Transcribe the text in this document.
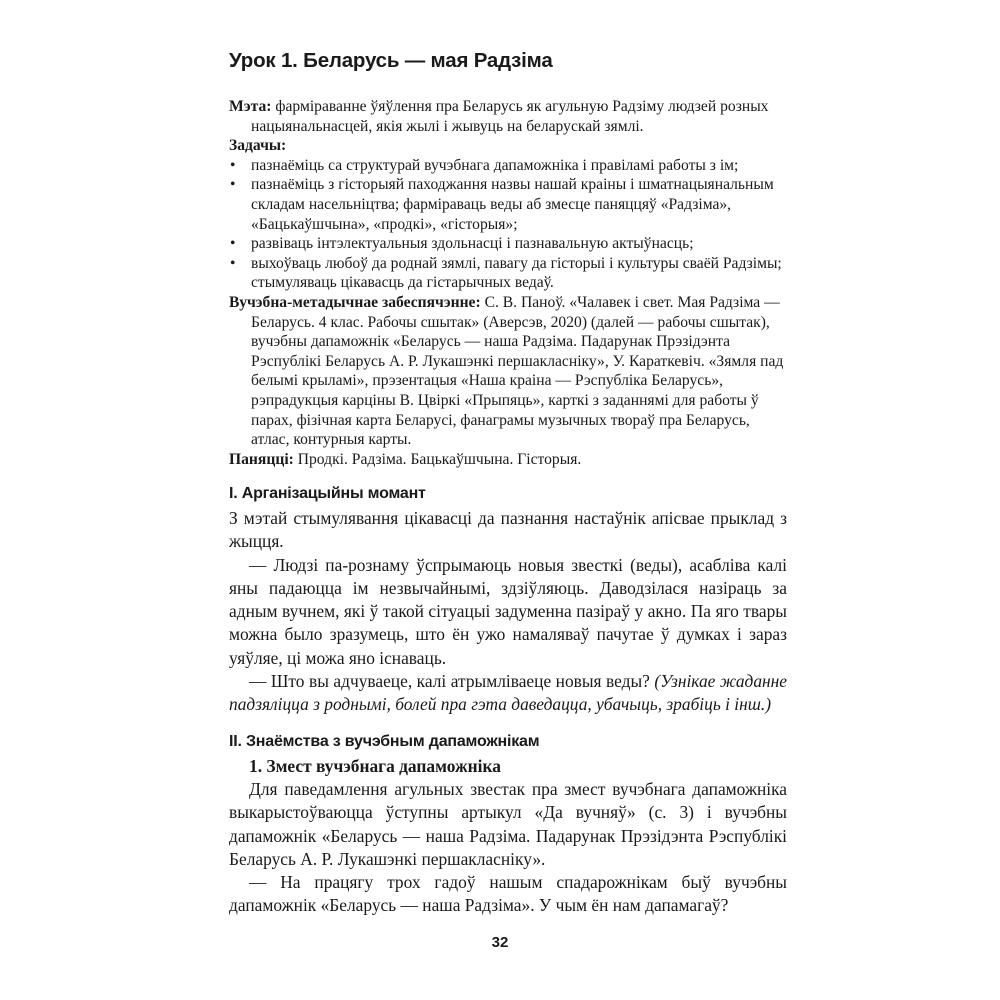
Урок 1. Беларусь — мая Радзіма

Мэта: фарміраванне ўяўлення пра Беларусь як агульную Радзіму людзей розных нацыянальнасцей, якія жылі і жывуць на беларускай зямлі.

Задачы:

• пазнаёміць са структурай вучэбнага дапаможніка і правіламі работы з ім;
• пазнаёміць з гісторыяй паходжання назвы нашай краіны і шматнацыянальным складам насельніцтва; фарміраваць веды аб змесце паняццяў «Радзіма», «Бацькаўшчына», «продкі», «гісторыя»;
• развіваць інтэлектуальныя здольнасці і пазнавальную актыўнасць;
• выхоўваць любоў да роднай зямлі, павагу да гісторыі і культуры сваёй Радзімы; стымуляваць цікавасць да гістарычных ведаў.

Вучэбна-метадычнае забеспячэнне: С. В. Паноў. «Чалавек і свет. Мая Радзіма — Беларусь. 4 клас. Рабочы сшытак» (Аверсэв, 2020) (далей — рабочы сшытак), вучэбны дапаможнік «Беларусь — наша Радзіма. Падарунак Прэзідэнта Рэспублікі Беларусь А. Р. Лукашэнкі першакласніку», У. Караткевіч. «Зямля пад белымі крыламі», прэзентацыя «Наша краіна — Рэспубліка Беларусь», рэпрадукцыя карціны В. Цвіркі «Прыпяць», карткі з заданнямі для работы ў парах, фізічная карта Беларусі, фанаграмы музычных твораў пра Беларусь, атлас, контурныя карты.

Паняцці: Продкі. Радзіма. Бацькаўшчына. Гісторыя.

I. Арганізацыйны момант

З мэтай стымулявання цікавасці да пазнання настаўнік апісвае прыклад з жыцця.

— Людзі па-рознаму ўспрымаюць новыя звесткі (веды), асабліва калі яны падаюцца ім незвычайнымі, здзіўляюць. Даводзілася назіраць за адным вучнем, які ў такой сітуацыі задуменна пазіраў у акно. Па яго твары можна было зразумець, што ён ужо намаляваў пачутае ў думках і зараз уяўляе, ці можа яно існаваць.

— Што вы адчуваеце, калі атрымліваеце новыя веды? (Узнікае жаданне падзяліцца з роднымі, болей пра гэта даведацца, убачыць, зрабіць і інш.)

II. Знаёмства з вучэбным дапаможнікам
1. Змест вучэбнага дапаможніка

Для паведамлення агульных звестак пра змест вучэбнага дапаможніка выкарыстоўваюцца ўступны артыкул «Да вучняў» (с. 3) і вучэбны дапаможнік «Беларусь — наша Радзіма. Падарунак Прэзідэнта Рэспублікі Беларусь А. Р. Лукашэнкі першакласніку».

— На працягу трох гадоў нашым спадарожнікам быў вучэбны дапаможнік «Беларусь — наша Радзіма». У чым ён нам дапамагаў?

32
